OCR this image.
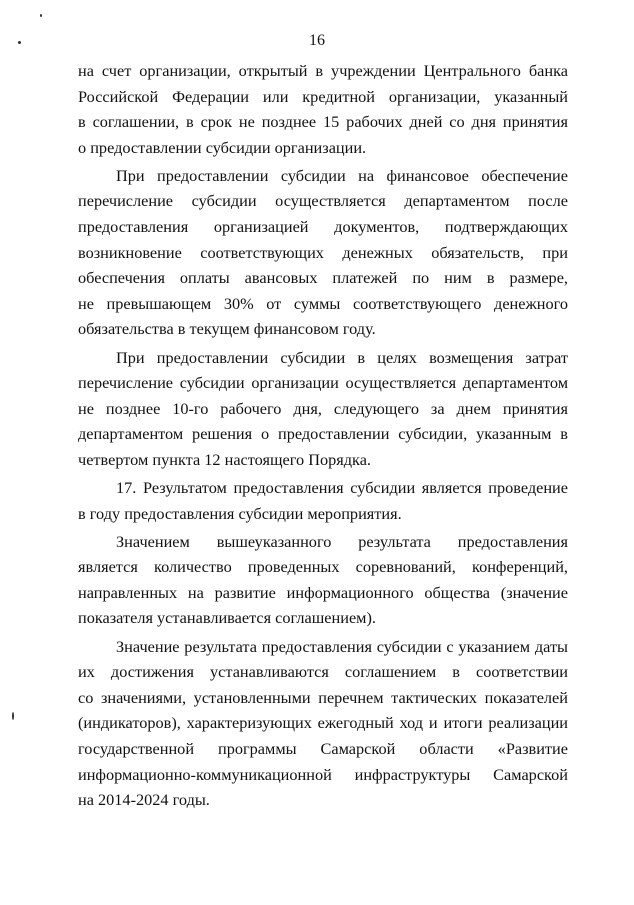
16
на счет организации, открытый в учреждении Центрального банка
Российской Федерации или кредитной организации, указанный
в соглашении, в срок не позднее 15 рабочих дней со дня принятия
о предоставлении субсидии организации.
При предоставлении субсидии на финансовое обеспечение
перечисление субсидии осуществляется департаментом после
предоставления организацией документов, подтверждающих
возникновение соответствующих денежных обязательств, при
обеспечения оплаты авансовых платежей по ним в размере,
не превышающем 30% от суммы соответствующего денежного
обязательства в текущем финансовом году.
При предоставлении субсидии в целях возмещения затрат
перечисление субсидии организации осуществляется департаментом
не позднее 10-го рабочего дня, следующего за днем принятия
департаментом решения о предоставлении субсидии, указанным в
четвертом пункта 12 настоящего Порядка.
17. Результатом предоставления субсидии является проведение
в году предоставления субсидии мероприятия.
Значением вышеуказанного результата предоставления
является количество проведенных соревнований, конференций,
направленных на развитие информационного общества (значение
показателя устанавливается соглашением).
Значение результата предоставления субсидии с указанием даты
их достижения устанавливаются соглашением в соответствии
со значениями, установленными перечнем тактических показателей
(индикаторов), характеризующих ежегодный ход и итоги реализации
государственной программы Самарской области «Развитие
информационно-коммуникационной инфраструктуры Самарской
на 2014-2024 годы.
